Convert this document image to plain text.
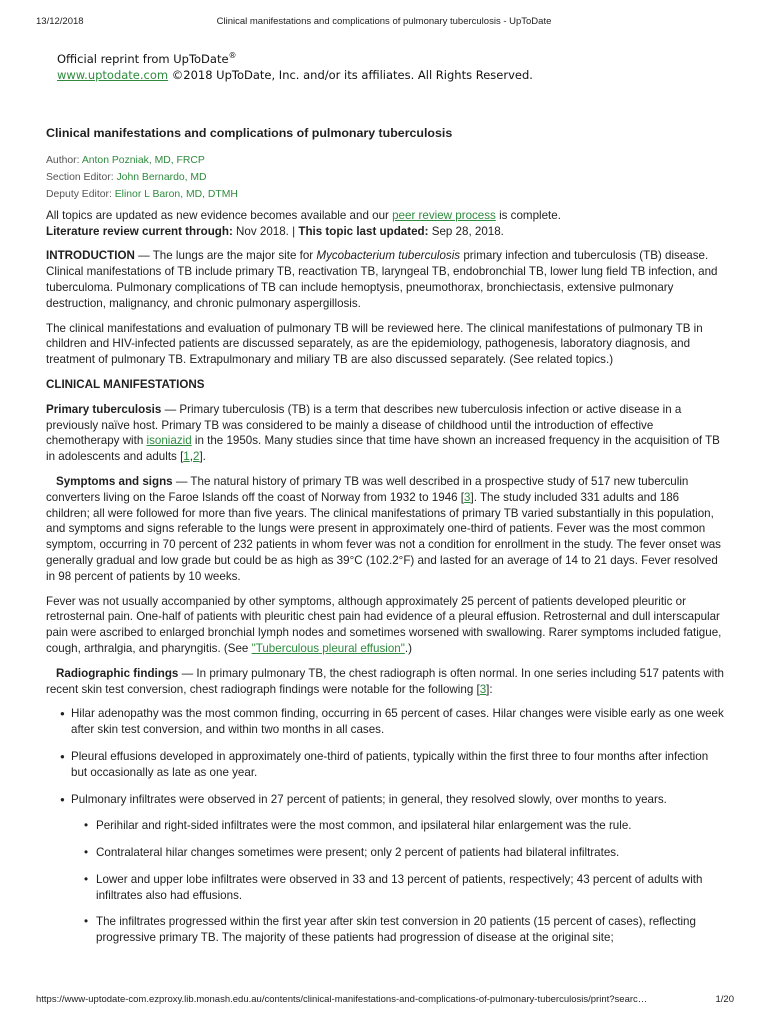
13/12/2018	Clinical manifestations and complications of pulmonary tuberculosis - UpToDate
Official reprint from UpToDate®
www.uptodate.com ©2018 UpToDate, Inc. and/or its affiliates. All Rights Reserved.
Clinical manifestations and complications of pulmonary tuberculosis
Author: Anton Pozniak, MD, FRCP
Section Editor: John Bernardo, MD
Deputy Editor: Elinor L Baron, MD, DTMH
All topics are updated as new evidence becomes available and our peer review process is complete.
Literature review current through: Nov 2018. | This topic last updated: Sep 28, 2018.

INTRODUCTION — The lungs are the major site for Mycobacterium tuberculosis primary infection and tuberculosis (TB) disease. Clinical manifestations of TB include primary TB, reactivation TB, laryngeal TB, endobronchial TB, lower lung field TB infection, and tuberculoma. Pulmonary complications of TB can include hemoptysis, pneumothorax, bronchiectasis, extensive pulmonary destruction, malignancy, and chronic pulmonary aspergillosis.

The clinical manifestations and evaluation of pulmonary TB will be reviewed here. The clinical manifestations of pulmonary TB in children and HIV-infected patients are discussed separately, as are the epidemiology, pathogenesis, laboratory diagnosis, and treatment of pulmonary TB. Extrapulmonary and miliary TB are also discussed separately. (See related topics.)

CLINICAL MANIFESTATIONS

Primary tuberculosis — Primary tuberculosis (TB) is a term that describes new tuberculosis infection or active disease in a previously naïve host. Primary TB was considered to be mainly a disease of childhood until the introduction of effective chemotherapy with isoniazid in the 1950s. Many studies since that time have shown an increased frequency in the acquisition of TB in adolescents and adults [1,2].

Symptoms and signs — The natural history of primary TB was well described in a prospective study of 517 new tuberculin converters living on the Faroe Islands off the coast of Norway from 1932 to 1946 [3]. The study included 331 adults and 186 children; all were followed for more than five years. The clinical manifestations of primary TB varied substantially in this population, and symptoms and signs referable to the lungs were present in approximately one-third of patients. Fever was the most common symptom, occurring in 70 percent of 232 patients in whom fever was not a condition for enrollment in the study. The fever onset was generally gradual and low grade but could be as high as 39°C (102.2°F) and lasted for an average of 14 to 21 days. Fever resolved in 98 percent of patients by 10 weeks.

Fever was not usually accompanied by other symptoms, although approximately 25 percent of patients developed pleuritic or retrosternal pain. One-half of patients with pleuritic chest pain had evidence of a pleural effusion. Retrosternal and dull interscapular pain were ascribed to enlarged bronchial lymph nodes and sometimes worsened with swallowing. Rarer symptoms included fatigue, cough, arthralgia, and pharyngitis. (See "Tuberculous pleural effusion".)

Radiographic findings — In primary pulmonary TB, the chest radiograph is often normal. In one series including 517 patents with recent skin test conversion, chest radiograph findings were notable for the following [3]:

● Hilar adenopathy was the most common finding, occurring in 65 percent of cases. Hilar changes were visible early as one week after skin test conversion, and within two months in all cases.
● Pleural effusions developed in approximately one-third of patients, typically within the first three to four months after infection but occasionally as late as one year.
● Pulmonary infiltrates were observed in 27 percent of patients; in general, they resolved slowly, over months to years.
• Perihilar and right-sided infiltrates were the most common, and ipsilateral hilar enlargement was the rule.
• Contralateral hilar changes sometimes were present; only 2 percent of patients had bilateral infiltrates.
• Lower and upper lobe infiltrates were observed in 33 and 13 percent of patients, respectively; 43 percent of adults with infiltrates also had effusions.
• The infiltrates progressed within the first year after skin test conversion in 20 patients (15 percent of cases), reflecting progressive primary TB. The majority of these patients had progression of disease at the original site;
https://www-uptodate-com.ezproxy.lib.monash.edu.au/contents/clinical-manifestations-and-complications-of-pulmonary-tuberculosis/print?searc…	1/20
